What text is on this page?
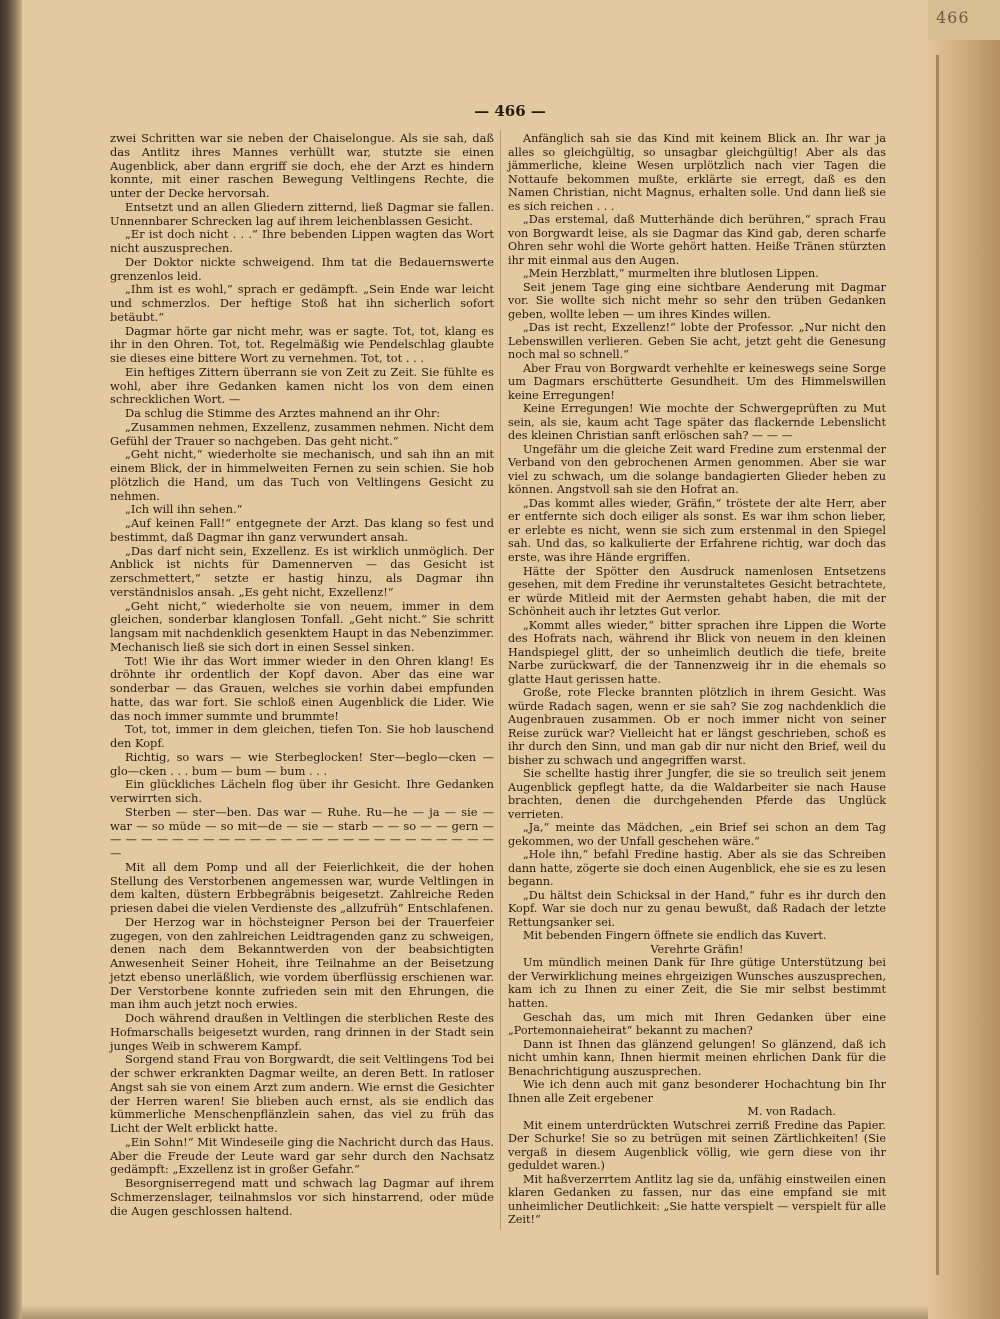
466
— 466 —

zwei Schritten war sie neben der Chaiselongue. Als sie sah, daß das Antlitz ihres Mannes verhüllt war, stutzte sie einen Augenblick, aber dann ergriff sie doch, ehe der Arzt es hindern konnte, mit einer raschen Bewegung Veltlingens Rechte, die unter der Decke hervorsah.

Entsetzt und an allen Gliedern zitternd, ließ Dagmar sie fallen. Unnennbarer Schrecken lag auf ihrem leichenblassen Gesicht.

„Er ist doch nicht . . .“ Ihre bebenden Lippen wagten das Wort nicht auszusprechen.

Der Doktor nickte schweigend. Ihm tat die Bedauernswerte grenzenlos leid.

„Ihm ist es wohl,“ sprach er gedämpft. „Sein Ende war leicht und schmerzlos. Der heftige Stoß hat ihn sicherlich sofort betäubt.“

Dagmar hörte gar nicht mehr, was er sagte. Tot, tot, klang es ihr in den Ohren. Tot, tot. Regelmäßig wie Pendelschlag glaubte sie dieses eine bittere Wort zu vernehmen. Tot, tot . . .

Ein heftiges Zittern überrann sie von Zeit zu Zeit. Sie fühlte es wohl, aber ihre Gedanken kamen nicht los von dem einen schrecklichen Wort. —

Da schlug die Stimme des Arztes mahnend an ihr Ohr:

„Zusammen nehmen, Exzellenz, zusammen nehmen. Nicht dem Gefühl der Trauer so nachgeben. Das geht nicht.“

„Geht nicht,“ wiederholte sie mechanisch, und sah ihn an mit einem Blick, der in himmelweiten Fernen zu sein schien. Sie hob plötzlich die Hand, um das Tuch von Veltlingens Gesicht zu nehmen.

„Ich will ihn sehen.“

„Auf keinen Fall!“ entgegnete der Arzt. Das klang so fest und bestimmt, daß Dagmar ihn ganz verwundert ansah.

„Das darf nicht sein, Exzellenz. Es ist wirklich unmöglich. Der Anblick ist nichts für Damennerven — das Gesicht ist zerschmettert,“ setzte er hastig hinzu, als Dagmar ihn verständnislos ansah. „Es geht nicht, Exzellenz!“

„Geht nicht,“ wiederholte sie von neuem, immer in dem gleichen, sonderbar klanglosen Tonfall. „Geht nicht.“ Sie schritt langsam mit nachdenklich gesenktem Haupt in das Nebenzimmer. Mechanisch ließ sie sich dort in einen Sessel sinken.

Tot! Wie ihr das Wort immer wieder in den Ohren klang! Es dröhnte ihr ordentlich der Kopf davon. Aber das eine war sonderbar — das Grauen, welches sie vorhin dabei empfunden hatte, das war fort. Sie schloß einen Augenblick die Lider. Wie das noch immer summte und brummte!

Tot, tot, immer in dem gleichen, tiefen Ton. Sie hob lauschend den Kopf.

Richtig, so wars — wie Sterbeglocken! Ster—beglo—cken — glo—cken . . . bum — bum — bum . . .

Ein glückliches Lächeln flog über ihr Gesicht. Ihre Gedanken verwirrten sich.

Sterben — ster—ben. Das war — Ruhe. Ru—he — ja — sie — war — so müde — so mit—de — sie — starb — — so — — gern — — — — — — — — — — — — — — — — — — — — — — — — — — —

Mit all dem Pomp und all der Feierlichkeit, die der hohen Stellung des Verstorbenen angemessen war, wurde Veltlingen in dem kalten, düstern Erbbegräbnis beigesetzt. Zahlreiche Reden priesen dabei die vielen Verdienste des „allzufrüh“ Entschlafenen.

Der Herzog war in höchsteigner Person bei der Trauerfeier zugegen, von den zahlreichen Leidtragenden ganz zu schweigen, denen nach dem Bekanntwerden von der beabsichtigten Anwesenheit Seiner Hoheit, ihre Teilnahme an der Beisetzung jetzt ebenso unerläßlich, wie vordem überflüssig erschienen war. Der Verstorbene konnte zufrieden sein mit den Ehrungen, die man ihm auch jetzt noch erwies.

Doch während draußen in Veltlingen die sterblichen Reste des Hofmarschalls beigesetzt wurden, rang drinnen in der Stadt sein junges Weib in schwerem Kampf.

Sorgend stand Frau von Borgwardt, die seit Veltlingens Tod bei der schwer erkrankten Dagmar weilte, an deren Bett. In ratloser Angst sah sie von einem Arzt zum andern. Wie ernst die Gesichter der Herren waren! Sie blieben auch ernst, als sie endlich das kümmerliche Menschenpflänzlein sahen, das viel zu früh das Licht der Welt erblickt hatte.

„Ein Sohn!“ Mit Windeseile ging die Nachricht durch das Haus. Aber die Freude der Leute ward gar sehr durch den Nachsatz gedämpft: „Exzellenz ist in großer Gefahr.“

Besorgniserregend matt und schwach lag Dagmar auf ihrem Schmerzenslager, teilnahmslos vor sich hinstarrend, oder müde die Augen geschlossen haltend.

Anfänglich sah sie das Kind mit keinem Blick an. Ihr war ja alles so gleichgültig, so unsagbar gleichgültig! Aber als das jämmerliche, kleine Wesen urplötzlich nach vier Tagen die Nottaufe bekommen mußte, erklärte sie erregt, daß es den Namen Christian, nicht Magnus, erhalten solle. Und dann ließ sie es sich reichen . . .

„Das erstemal, daß Mutterhände dich berühren,“ sprach Frau von Borgwardt leise, als sie Dagmar das Kind gab, deren scharfe Ohren sehr wohl die Worte gehört hatten. Heiße Tränen stürzten ihr mit einmal aus den Augen.

„Mein Herzblatt,“ murmelten ihre blutlosen Lippen.

Seit jenem Tage ging eine sichtbare Aenderung mit Dagmar vor. Sie wollte sich nicht mehr so sehr den trüben Gedanken geben, wollte leben — um ihres Kindes willen.

„Das ist recht, Exzellenz!“ lobte der Professor. „Nur nicht den Lebenswillen verlieren. Geben Sie acht, jetzt geht die Genesung noch mal so schnell.“

Aber Frau von Borgwardt verhehlte er keineswegs seine Sorge um Dagmars erschütterte Gesundheit. Um des Himmelswillen keine Erregungen!

Keine Erregungen! Wie mochte der Schwergeprüften zu Mut sein, als sie, kaum acht Tage später das flackernde Lebenslicht des kleinen Christian sanft erlöschen sah? — — —

Ungefähr um die gleiche Zeit ward Fredine zum erstenmal der Verband von den gebrochenen Armen genommen. Aber sie war viel zu schwach, um die solange bandagierten Glieder heben zu können. Angstvoll sah sie den Hofrat an.

„Das kommt alles wieder, Gräfin,“ tröstete der alte Herr, aber er entfernte sich doch eiliger als sonst. Es war ihm schon lieber, er erlebte es nicht, wenn sie sich zum erstenmal in den Spiegel sah. Und das, so kalkulierte der Erfahrene richtig, war doch das erste, was ihre Hände ergriffen.

Hätte der Spötter den Ausdruck namenlosen Entsetzens gesehen, mit dem Fredine ihr verunstaltetes Gesicht betrachtete, er würde Mitleid mit der Aermsten gehabt haben, die mit der Schönheit auch ihr letztes Gut verlor.

„Kommt alles wieder,“ bitter sprachen ihre Lippen die Worte des Hofrats nach, während ihr Blick von neuem in den kleinen Handspiegel glitt, der so unheimlich deutlich die tiefe, breite Narbe zurückwarf, die der Tannenzweig ihr in die ehemals so glatte Haut gerissen hatte.

Große, rote Flecke brannten plötzlich in ihrem Gesicht. Was würde Radach sagen, wenn er sie sah? Sie zog nachdenklich die Augenbrauen zusammen. Ob er noch immer nicht von seiner Reise zurück war? Vielleicht hat er längst geschrieben, schoß es ihr durch den Sinn, und man gab dir nur nicht den Brief, weil du bisher zu schwach und angegriffen warst.

Sie schellte hastig ihrer Jungfer, die sie so treulich seit jenem Augenblick gepflegt hatte, da die Waldarbeiter sie nach Hause brachten, denen die durchgehenden Pferde das Unglück verrieten.

„Ja,“ meinte das Mädchen, „ein Brief sei schon an dem Tag gekommen, wo der Unfall geschehen wäre.“

„Hole ihn,“ befahl Fredine hastig. Aber als sie das Schreiben dann hatte, zögerte sie doch einen Augenblick, ehe sie es zu lesen begann.

„Du hältst dein Schicksal in der Hand,“ fuhr es ihr durch den Kopf. War sie doch nur zu genau bewußt, daß Radach der letzte Rettungsanker sei.

Mit bebenden Fingern öffnete sie endlich das Kuvert.

Verehrte Gräfin!

Um mündlich meinen Dank für Ihre gütige Unterstützung bei der Verwirklichung meines ehrgeizigen Wunsches auszusprechen, kam ich zu Ihnen zu einer Zeit, die Sie mir selbst bestimmt hatten.

Geschah das, um mich mit Ihren Gedanken über eine „Portemonnaieheirat“ bekannt zu machen?

Dann ist Ihnen das glänzend gelungen! So glänzend, daß ich nicht umhin kann, Ihnen hiermit meinen ehrlichen Dank für die Benachrichtigung auszusprechen.

Wie ich denn auch mit ganz besonderer Hochachtung bin Ihr Ihnen alle Zeit ergebener

M. von Radach.

Mit einem unterdrückten Wutschrei zerriß Fredine das Papier. Der Schurke! Sie so zu betrügen mit seinen Zärtlichkeiten! (Sie vergaß in diesem Augenblick völlig, wie gern diese von ihr geduldet waren.)

Mit haßverzerrtem Antlitz lag sie da, unfähig einstweilen einen klaren Gedanken zu fassen, nur das eine empfand sie mit unheimlicher Deutlichkeit: „Sie hatte verspielt — verspielt für alle Zeit!“
